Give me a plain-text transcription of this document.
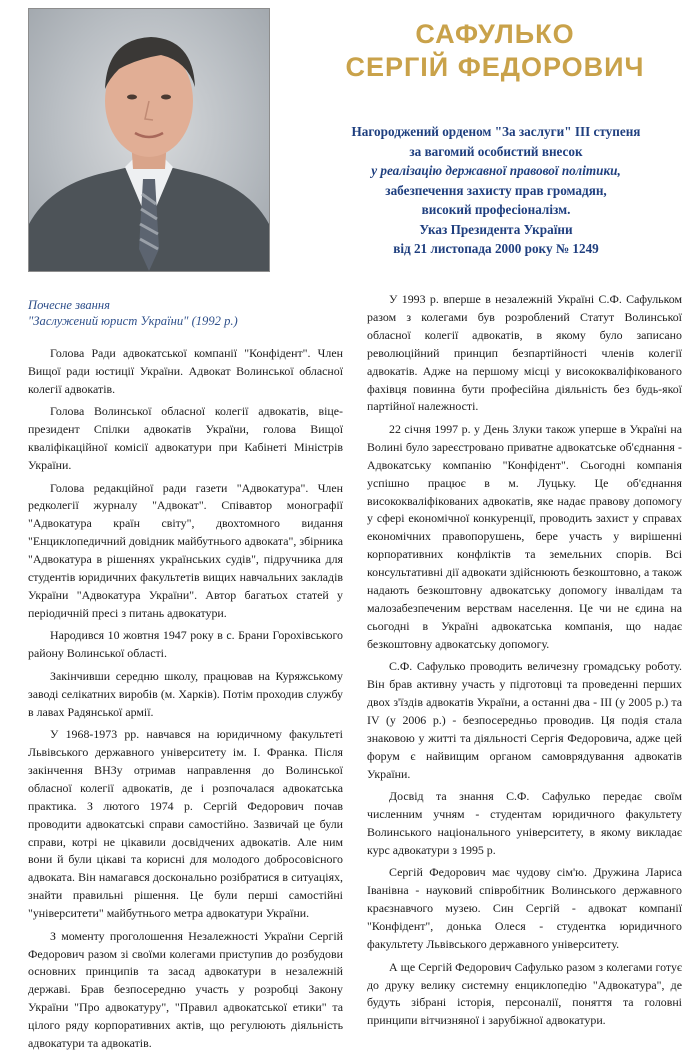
САФУЛЬКО
СЕРГІЙ ФЕДОРОВИЧ
Нагороджений орденом "За заслуги" ІІІ ступеня
за вагомий особистий внесок
у реалізацію державної правової політики,
забезпечення захисту прав громадян,
високий професіоналізм.
Указ Президента України
від 21 листопада 2000 року № 1249
Почесне звання
"Заслужений юрист України" (1992 р.)

Голова Ради адвокатської компанії "Конфідент". Член Вищої ради юстиції України. Адвокат Волинської обласної колегії адвокатів.

Голова Волинської обласної колегії адвокатів, віце-президент Спілки адвокатів України, голова Вищої кваліфікаційної комісії адвокатури при Кабінеті Міністрів України.

Голова редакційної ради газети "Адвокатура". Член редколегії журналу "Адвокат". Співавтор монографії "Адвокатура країн світу", двохтомного видання "Енциклопедичний довідник майбутнього адвоката", збірника "Адвокатура в рішеннях українських судів", підручника для студентів юридичних факультетів вищих навчальних закладів України "Адвокатура України". Автор багатьох статей у періодичній пресі з питань адвокатури.

Народився 10 жовтня 1947 року в с. Брани Горохівського району Волинської області.

Закінчивши середню школу, працював на Куряжському заводі селікатних виробів (м. Харків). Потім проходив службу в лавах Радянської армії.

У 1968-1973 рр. навчався на юридичному факультеті Львівського державного університету ім. І. Франка. Після закінчення ВНЗу отримав направлення до Волинської обласної колегії адвокатів, де і розпочалася адвокатська практика. З лютого 1974 р. Сергій Федорович почав проводити адвокатські справи самостійно. Зазвичай це були справи, котрі не цікавили досвідчених адвокатів. Але ним вони й були цікаві та корисні для молодого добросовісного адвоката. Він намагався досконально розібратися в ситуаціях, знайти правильні рішення. Це були перші самостійні "університети" майбутнього метра адвокатури України.

З моменту проголошення Незалежності України Сергій Федорович разом зі своїми колегами приступив до розбудови основних принципів та засад адвокатури в незалежній державі. Брав безпосередню участь у розробці Закону України "Про адвокатуру", "Правил адвокатської етики" та цілого ряду корпоративних актів, що регулюють діяльність адвокатури та адвокатів.

У 1993 р. вперше в незалежній Україні С.Ф. Сафульком разом з колегами був розроблений Статут Волинської обласної колегії адвокатів, в якому було записано революційний принцип безпартійності членів колегії адвокатів. Адже на першому місці у висококваліфікованого фахівця повинна бути професійна діяльність без будь-якої партійної належності.

22 січня 1997 р. у День Злуки також уперше в Україні на Волині було зареєстровано приватне адвокатське об'єднання - Адвокатську компанію "Конфідент". Сьогодні компанія успішно працює в м. Луцьку. Це об'єднання висококваліфікованих адвокатів, яке надає правову допомогу у сфері економічної конкуренції, проводить захист у справах економічних правопорушень, бере участь у вирішенні корпоративних конфліктів та земельних спорів. Всі консультативні дії адвокати здійснюють безкоштовно, а також надають безкоштовну адвокатську допомогу інвалідам та малозабезпеченим верствам населення. Це чи не єдина на сьогодні в Україні адвокатська компанія, що надає безкоштовну адвокатську допомогу.

С.Ф. Сафулько проводить величезну громадську роботу. Він брав активну участь у підготовці та проведенні перших двох з'їздів адвокатів України, а останні два - ІІІ (у 2005 р.) та IV (у 2006 р.) - безпосередньо проводив. Ця подія стала знаковою у житті та діяльності Сергія Федоровича, адже цей форум є найвищим органом самоврядування адвокатів України.

Досвід та знання С.Ф. Сафулько передає своїм численним учням - студентам юридичного факультету Волинського національного університету, в якому викладає курс адвокатури з 1995 р.

Сергій Федорович має чудову сім'ю. Дружина Лариса Іванівна - науковий співробітник Волинського державного краєзнавчого музею. Син Сергій - адвокат компанії "Конфідент", донька Олеся - студентка юридичного факультету Львівського державного університету.

А ще Сергій Федорович Сафулько разом з колегами готує до друку велику системну енциклопедію "Адвокатура", де будуть зібрані історія, персоналії, поняття та головні принципи вітчизняної і зарубіжної адвокатури.
